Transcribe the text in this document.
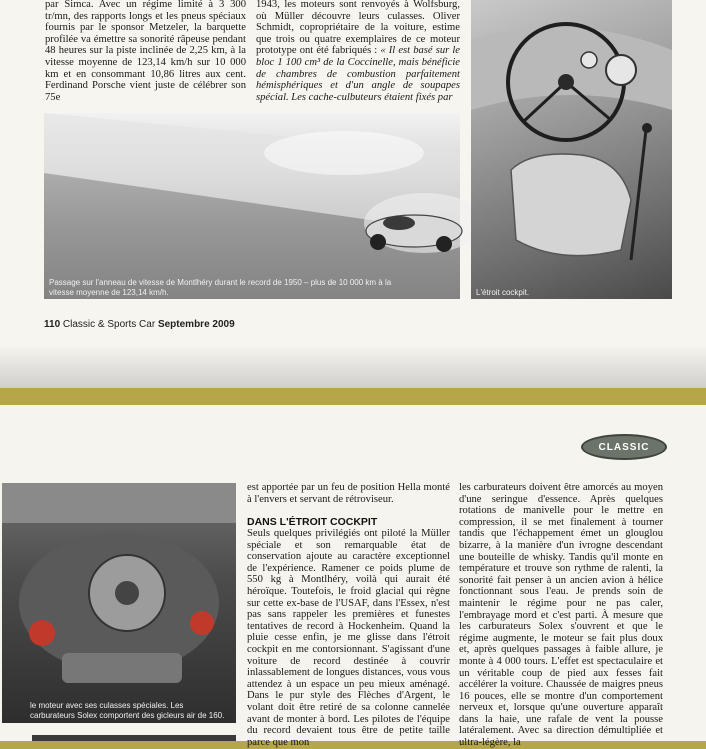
par Simca. Avec un régime limité à 3 300 tr/mn, des rapports longs et les pneus spéciaux fournis par le sponsor Metzeler, la barquette profilée va émettre sa sonorité râpeuse pendant 48 heures sur la piste inclinée de 2,25 km, à la vitesse moyenne de 123,14 km/h sur 10 000 km et en consommant 10,86 litres aux cent. Ferdinand Porsche vient juste de célébrer son 75e

1943, les moteurs sont renvoyés à Wolfsburg, où Müller découvre leurs culasses. Oliver Schmidt, copropriétaire de la voiture, estime que trois ou quatre exemplaires de ce moteur prototype ont été fabriqués : « Il est basé sur le bloc 1 100 cm³ de la Coccinelle, mais bénéficie de chambres de combustion parfaitement hémisphériques et d'un angle de soupapes spécial. Les cache-culbuteurs étaient fixés par

Passage sur l'anneau de vitesse de Montlhéry durant le record de 1950 – plus de 10 000 km à la vitesse moyenne de 123,14 km/h.	L'étroit cockpit.
110 Classic & Sports Car Septembre 2009
CLASSIC
le moteur avec ses culasses spéciales. Les carburateurs Solex comportent des gicleurs air de 160.

est apportée par un feu de position Hella monté à l'envers et servant de rétroviseur.

DANS L'ÉTROIT COCKPIT

Seuls quelques privilégiés ont piloté la Müller spéciale et son remarquable état de conservation ajoute au caractère exceptionnel de l'expérience. Ramener ce poids plume de 550 kg à Montlhéry, voilà qui aurait été héroïque. Toutefois, le froid glacial qui règne sur cette ex-base de l'USAF, dans l'Essex, n'est pas sans rappeler les premières et funestes tentatives de record à Hockenheim. Quand la pluie cesse enfin, je me glisse dans l'étroit cockpit en me contorsionnant. S'agissant d'une voiture de record destinée à couvrir inlassablement de longues distances, vous vous attendez à un espace un peu mieux aménagé. Dans le pur style des Flèches d'Argent, le volant doit être retiré de sa colonne cannelée avant de monter à bord. Les pilotes de l'équipe du record devaient tous être de petite taille parce que mon

les carburateurs doivent être amorcés au moyen d'une seringue d'essence. Après quelques rotations de manivelle pour le mettre en compression, il se met finalement à tourner tandis que l'échappement émet un glouglou bizarre, à la manière d'un ivrogne descendant une bouteille de whisky. Tandis qu'il monte en température et trouve son rythme de ralenti, la sonorité fait penser à un ancien avion à hélice fonctionnant sous l'eau. Je prends soin de maintenir le régime pour ne pas caler, l'embrayage mord et c'est parti. À mesure que les carburateurs Solex s'ouvrent et que le régime augmente, le moteur se fait plus doux et, après quelques passages à faible allure, je monte à 4 000 tours. L'effet est spectaculaire et un véritable coup de pied aux fesses fait accélérer la voiture. Chaussée de maigres pneus 16 pouces, elle se montre d'un comportement nerveux et, lorsque qu'une ouverture apparaît dans la haie, une rafale de vent la pousse latéralement. Avec sa direction démultipliée et ultra-légère, la
